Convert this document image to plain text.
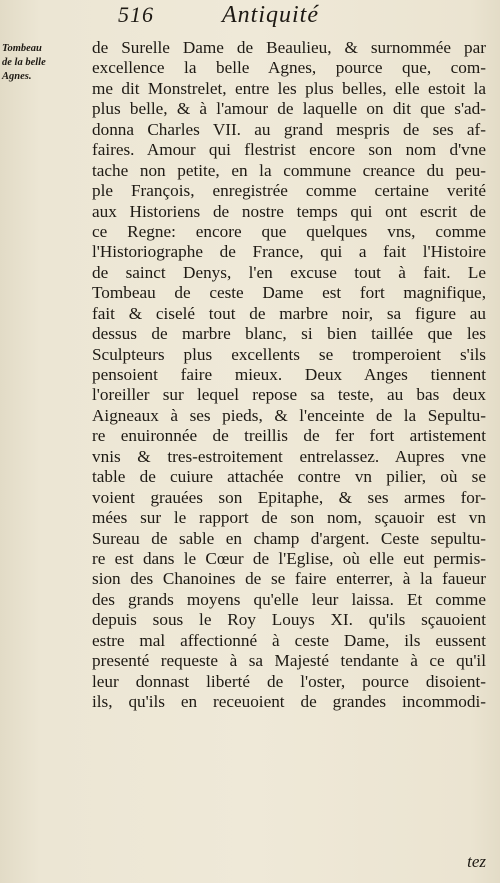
516	Antiquité
Tombeau
de la belle
Agnes.
de Surelle Dame de Beaulieu, & surnommée par
excellence la belle Agnes, pource que, com-
me dit Monstrelet, entre les plus belles, elle estoit la
plus belle, & à l'amour de laquelle on dit que s'ad-
donna Charles VII. au grand mespris de ses af-
faires. Amour qui flestrist encore son nom d'vne
tache non petite, en la commune creance du peu-
ple François, enregistrée comme certaine verité
aux Historiens de nostre temps qui ont escrit de
ce Regne: encore que quelques vns, comme
l'Historiographe de France, qui a fait l'Histoire
de sainct Denys, l'en excuse tout à fait. Le
Tombeau de ceste Dame est fort magnifique,
fait & ciselé tout de marbre noir, sa figure au
dessus de marbre blanc, si bien taillée que les
Sculpteurs plus excellents se tromperoient s'ils
pensoient faire mieux. Deux Anges tiennent
l'oreiller sur lequel repose sa teste, au bas deux
Aigneaux à ses pieds, & l'enceinte de la Sepultu-
re enuironnée de treillis de fer fort artistement
vnis & tres-estroitement entrelassez. Aupres vne
table de cuiure attachée contre vn pilier, où se
voient grauées son Epitaphe, & ses armes for-
mées sur le rapport de son nom, sçauoir est vn
Sureau de sable en champ d'argent. Ceste sepultu-
re est dans le Cœur de l'Eglise, où elle eut permis-
sion des Chanoines de se faire enterrer, à la faueur
des grands moyens qu'elle leur laissa. Et comme
depuis sous le Roy Louys XI. qu'ils sçauoient
estre mal affectionné à ceste Dame, ils eussent
presenté requeste à sa Majesté tendante à ce qu'il
leur donnast liberté de l'oster, pource disoient-
ils, qu'ils en receuoient de grandes incommodi-
tez
